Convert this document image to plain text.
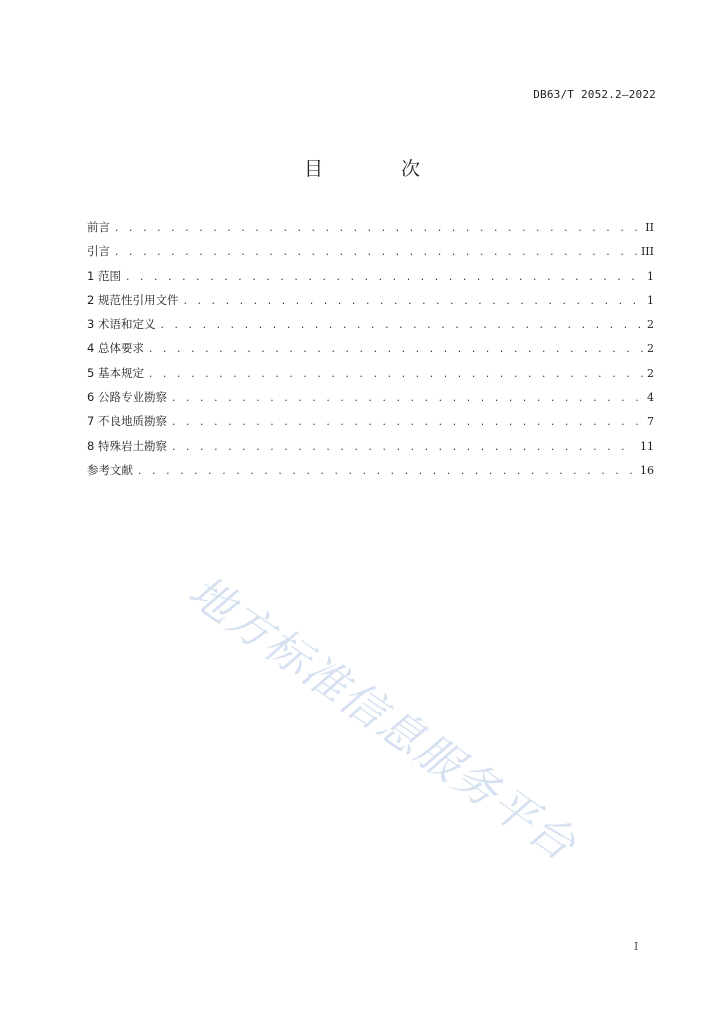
DB63/T 2052.2—2022
目 次
前言 . . .	II
引言 . . .	III
1 范围 . . .	1
2 规范性引用文件 . . .	1
3 术语和定义 . . .	2
4 总体要求 . . .	2
5 基本规定 . . .	2
6 公路专业勘察 . . .	4
7 不良地质勘察 . . .	7
8 特殊岩土勘察 . . .	11
参考文献 . . .	16
地方标准信息服务平台
I
